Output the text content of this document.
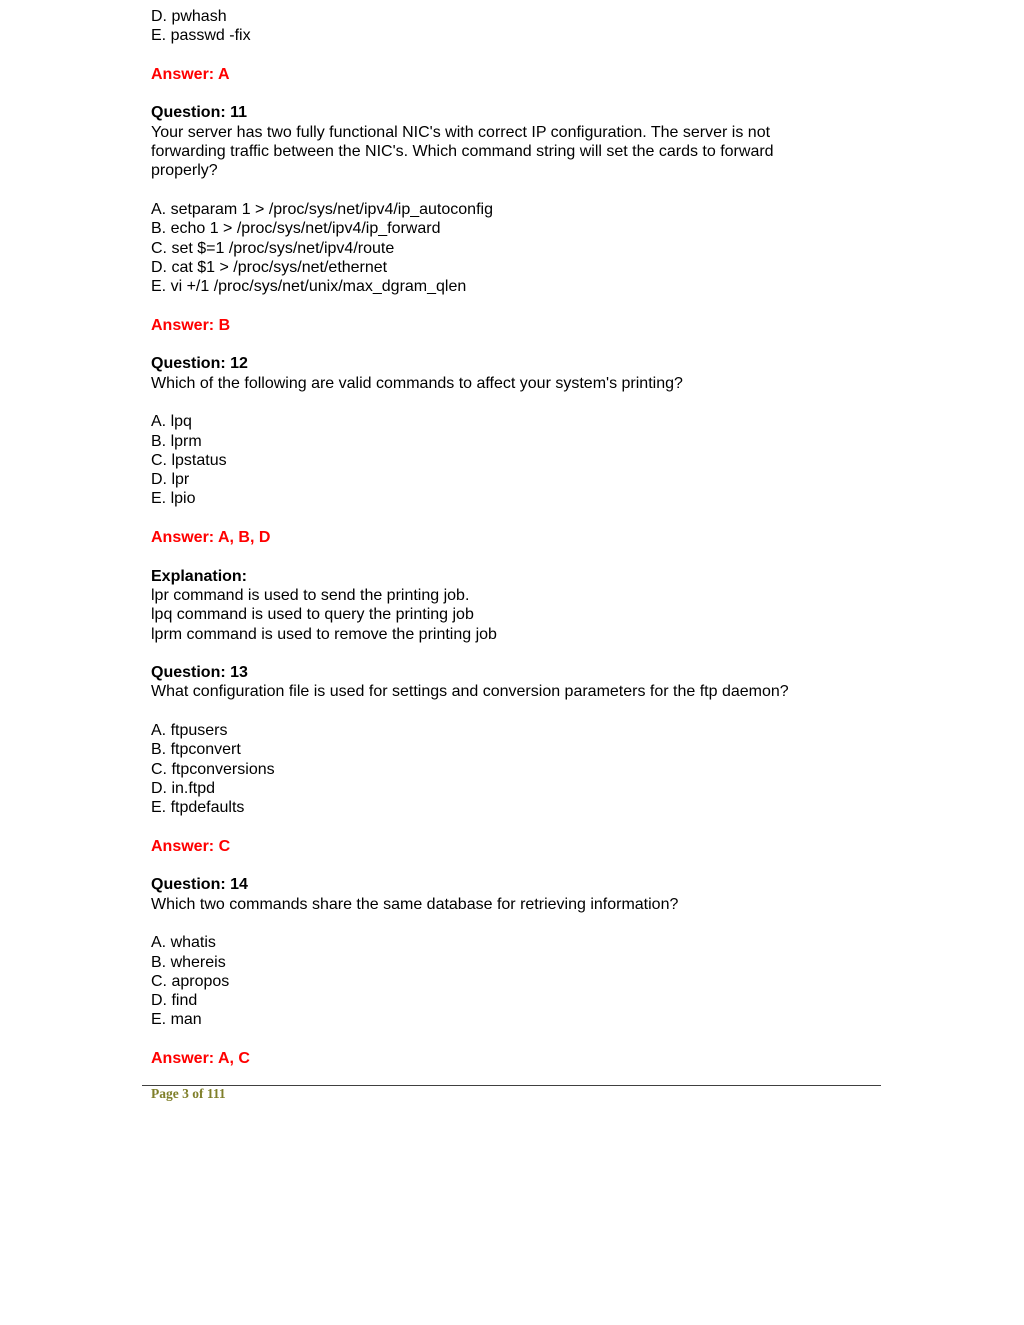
D. pwhash
E. passwd -fix
Answer: A
Question: 11
Your server has two fully functional NIC's with correct IP configuration. The server is not
forwarding traffic between the NIC's. Which command string will set the cards to forward
properly?
A. setparam 1 > /proc/sys/net/ipv4/ip_autoconfig
B. echo 1 > /proc/sys/net/ipv4/ip_forward
C. set $=1 /proc/sys/net/ipv4/route
D. cat $1 > /proc/sys/net/ethernet
E. vi +/1 /proc/sys/net/unix/max_dgram_qlen
Answer: B
Question: 12
Which of the following are valid commands to affect your system's printing?
A. lpq
B. lprm
C. lpstatus
D. lpr
E. lpio
Answer: A, B, D
Explanation:
lpr command is used to send the printing job.
lpq command is used to query the printing job
lprm command is used to remove the printing job
Question: 13
What configuration file is used for settings and conversion parameters for the ftp daemon?
A. ftpusers
B. ftpconvert
C. ftpconversions
D. in.ftpd
E. ftpdefaults
Answer: C
Question: 14
Which two commands share the same database for retrieving information?
A. whatis
B. whereis
C. apropos
D. find
E. man
Answer: A, C
Page 3 of 111
